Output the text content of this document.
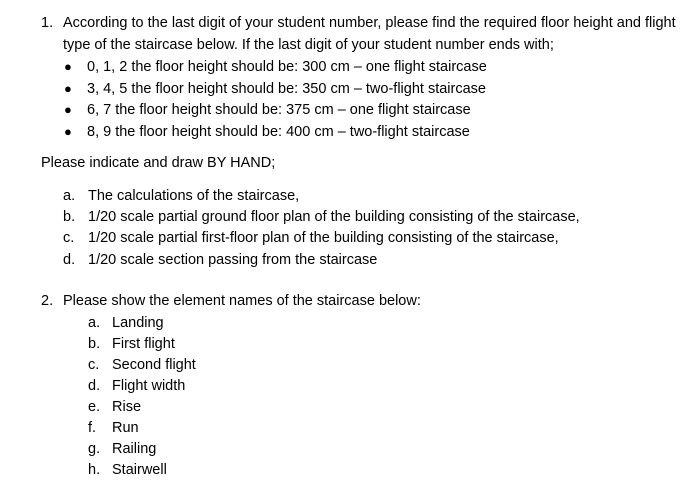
1. According to the last digit of your student number, please find the required floor height and flight
type of the staircase below. If the last digit of your student number ends with;
● 0, 1, 2 the floor height should be: 300 cm – one flight staircase
● 3, 4, 5 the floor height should be: 350 cm – two-flight staircase
● 6, 7 the floor height should be: 375 cm – one flight staircase
● 8, 9 the floor height should be: 400 cm – two-flight staircase
Please indicate and draw BY HAND;
a. The calculations of the staircase,
b. 1/20 scale partial ground floor plan of the building consisting of the staircase,
c. 1/20 scale partial first-floor plan of the building consisting of the staircase,
d. 1/20 scale section passing from the staircase
2. Please show the element names of the staircase below:
a. Landing
b. First flight
c. Second flight
d. Flight width
e. Rise
f. Run
g. Railing
h. Stairwell
